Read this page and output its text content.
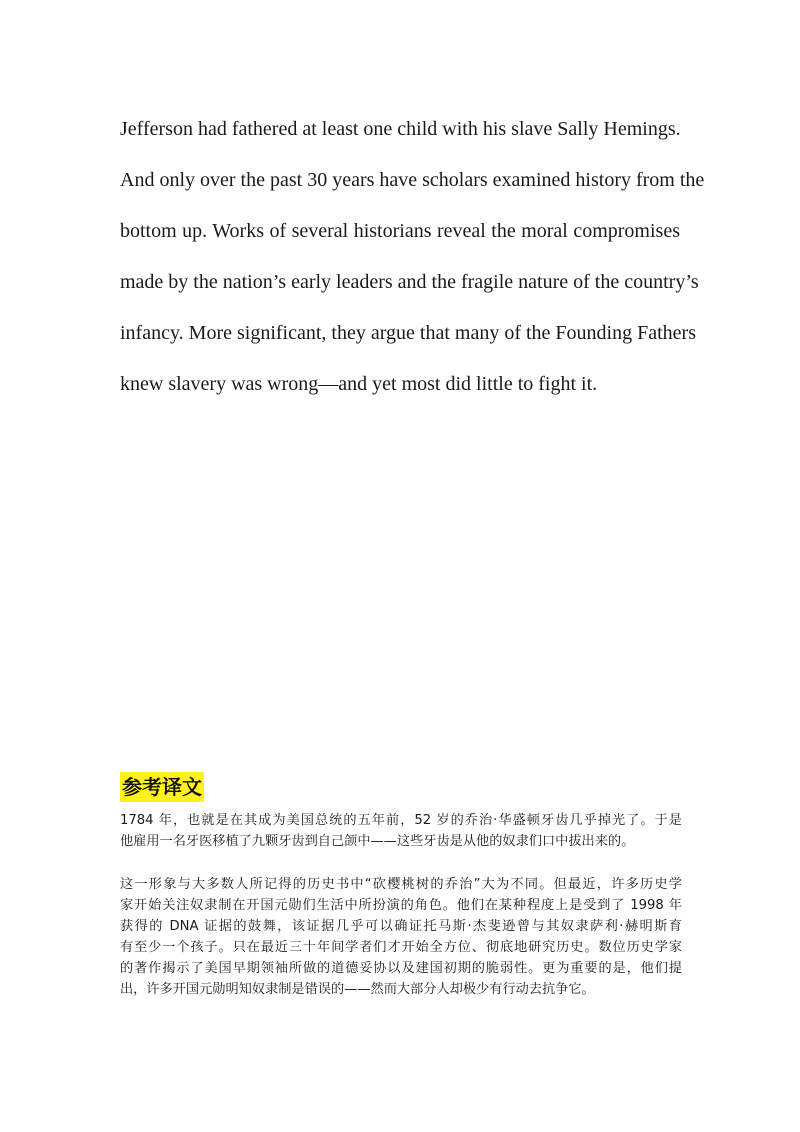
Jefferson had fathered at least one child with his slave Sally Hemings.
And only over the past 30 years have scholars examined history from the
bottom up. Works of several historians reveal the moral compromises
made by the nation’s early leaders and the fragile nature of the country’s
infancy. More significant, they argue that many of the Founding Fathers
knew slavery was wrong—and yet most did little to fight it.
参考译文
1784 年，也就是在其成为美国总统的五年前，52 岁的乔治·华盛顿牙齿几乎掉光了。于是
他雇用一名牙医移植了九颗牙齿到自己颌中——这些牙齿是从他的奴隶们口中拔出来的。
这一形象与大多数人所记得的历史书中“砍樱桃树的乔治”大为不同。但最近，许多历史学
家开始关注奴隶制在开国元勋们生活中所扮演的角色。他们在某种程度上是受到了 1998 年
获得的 DNA 证据的鼓舞，该证据几乎可以确证托马斯·杰斐逊曾与其奴隶萨利·赫明斯育
有至少一个孩子。只在最近三十年间学者们才开始全方位、彻底地研究历史。数位历史学家
的著作揭示了美国早期领袖所做的道德妥协以及建国初期的脆弱性。更为重要的是，他们提
出，许多开国元勋明知奴隶制是错误的——然而大部分人却极少有行动去抗争它。
